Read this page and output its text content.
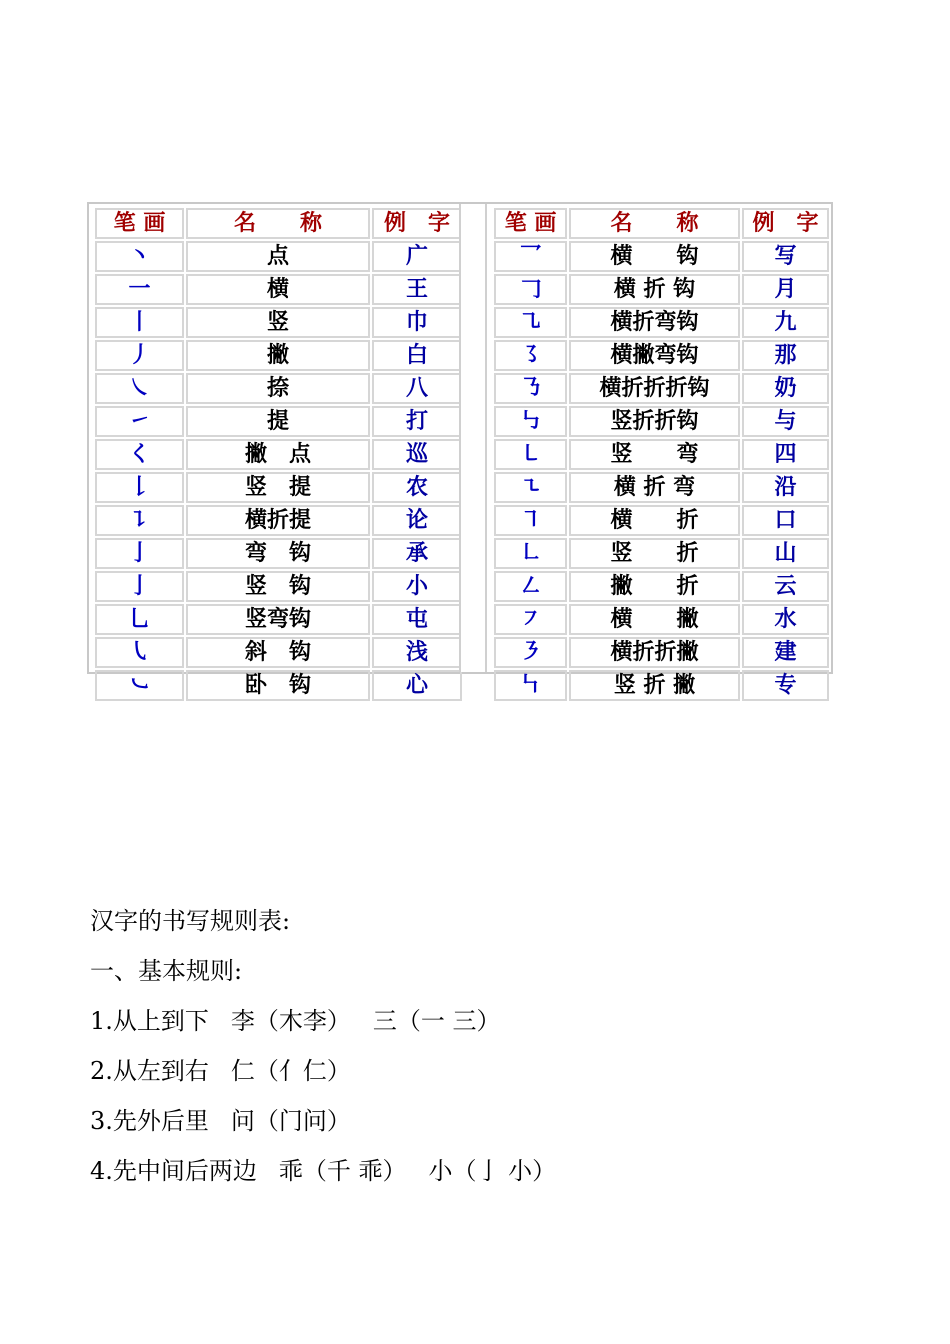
笔 画	名　　称	例　字
丶	点	广
一	横	王
丨	竖	巾
丿	撇	白
㇏	捺	八
㇀	提	打
く	撇　点	巡
𠄌	竖　提	农
㇊	横折提	论
亅	弯　钩	承
亅	竖　钩	小
乚	竖弯钩	屯
㇂	斜　钩	浅
㇃	卧　钩	心
笔 画	名　　称	例　字
乛	横　　钩	写
𠃌	横 折 钩	月
㇈	横折弯钩	九
㇌	横撇弯钩	那
㇡	横折折折钩	奶
㇉	竖折折钩	与
㇄	竖　　弯	四
㇍	横 折 弯	沿
㇕	横　　折	口
㇗	竖　　折	山
㇜	撇　　折	云
㇇	横　　撇	水
㇋	横折折撇	建
㇞	竖 折 撇	专

汉字的书写规则表:

一、基本规则:

1.从上到下 李（木李） 三（一 三）

2.从左到右 仁（亻仁）

3.先外后里 问（门问）

4.先中间后两边 乖（千 乖） 小（亅 小）
